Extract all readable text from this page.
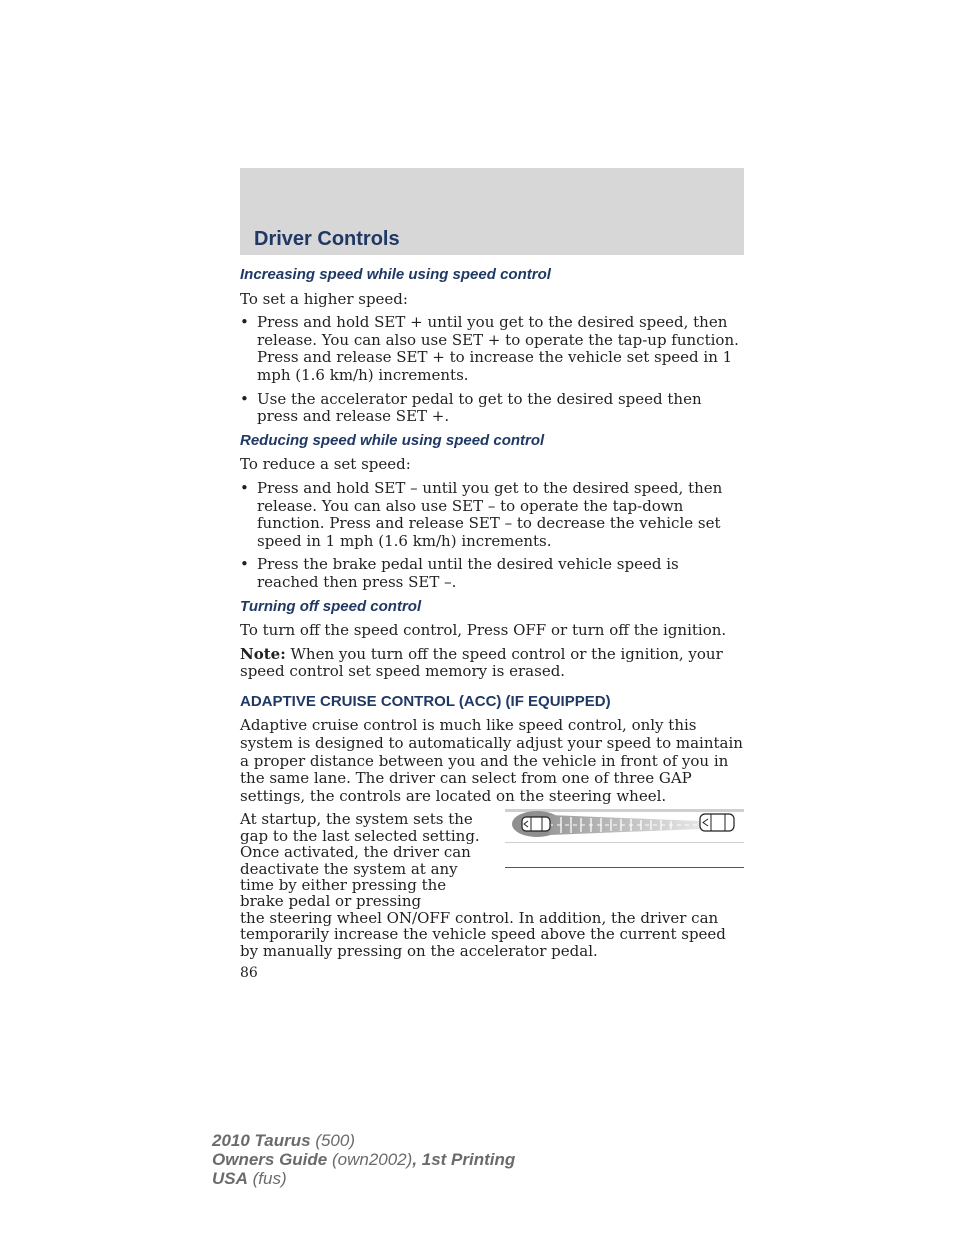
Driver Controls
Increasing speed while using speed control

To set a higher speed:

• Press and hold SET + until you get to the desired speed, then release. You can also use SET + to operate the tap-up function. Press and release SET + to increase the vehicle set speed in 1 mph (1.6 km/h) increments.
• Use the accelerator pedal to get to the desired speed then press and release SET +.
Reducing speed while using speed control

To reduce a set speed:

• Press and hold SET – until you get to the desired speed, then release. You can also use SET – to operate the tap-down function. Press and release SET – to decrease the vehicle set speed in 1 mph (1.6 km/h) increments.
• Press the brake pedal until the desired vehicle speed is reached then press SET –.
Turning off speed control

To turn off the speed control, Press OFF or turn off the ignition.

Note: When you turn off the speed control or the ignition, your speed control set speed memory is erased.

ADAPTIVE CRUISE CONTROL (ACC) (IF EQUIPPED)

Adaptive cruise control is much like speed control, only this system is designed to automatically adjust your speed to maintain a proper distance between you and the vehicle in front of you in the same lane. The driver can select from one of three GAP settings, the controls are located on the steering wheel.

At startup, the system sets the gap to the last selected setting. Once activated, the driver can deactivate the system at any time by either pressing the brake pedal or pressing

the steering wheel ON/OFF control. In addition, the driver can temporarily increase the vehicle speed above the current speed by manually pressing on the accelerator pedal.

86
2010 Taurus (500)
Owners Guide (own2002), 1st Printing
USA (fus)
